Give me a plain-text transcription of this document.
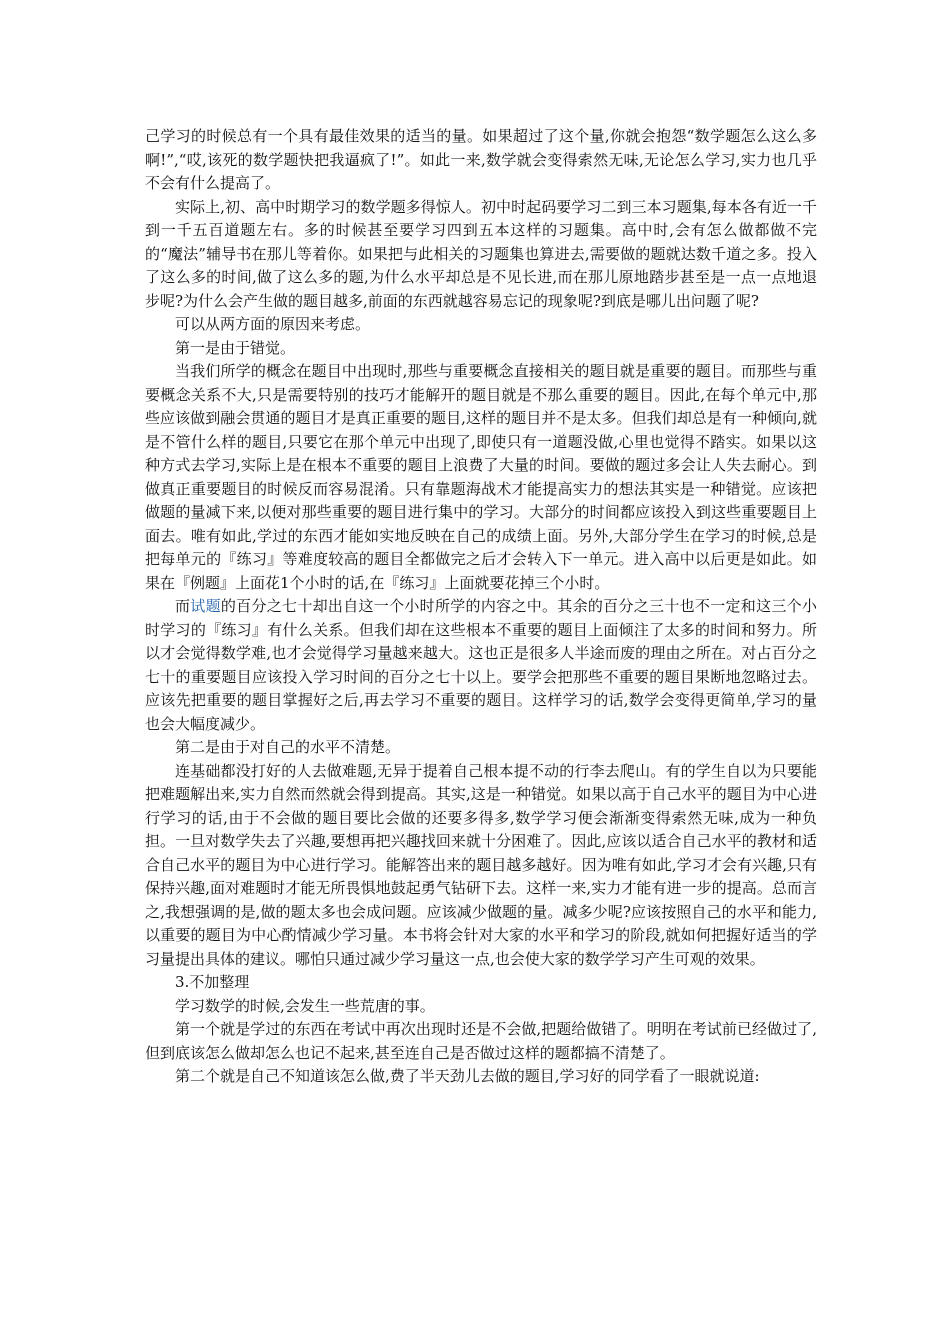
己学习的时候总有一个具有最佳效果的适当的量。如果超过了这个量,你就会抱怨“数学题怎么这么多啊!”,“哎,该死的数学题快把我逼疯了!”。如此一来,数学就会变得索然无味,无论怎么学习,实力也几乎不会有什么提高了。

实际上,初、高中时期学习的数学题多得惊人。初中时起码要学习二到三本习题集,每本各有近一千到一千五百道题左右。多的时候甚至要学习四到五本这样的习题集。高中时,会有怎么做都做不完的“魔法”辅导书在那儿等着你。如果把与此相关的习题集也算进去,需要做的题就达数千道之多。投入了这么多的时间,做了这么多的题,为什么水平却总是不见长进,而在那儿原地踏步甚至是一点一点地退步呢?为什么会产生做的题目越多,前面的东西就越容易忘记的现象呢?到底是哪儿出问题了呢?

可以从两方面的原因来考虑。

第一是由于错觉。

当我们所学的概念在题目中出现时,那些与重要概念直接相关的题目就是重要的题目。而那些与重要概念关系不大,只是需要特别的技巧才能解开的题目就是不那么重要的题目。因此,在每个单元中,那些应该做到融会贯通的题目才是真正重要的题目,这样的题目并不是太多。但我们却总是有一种倾向,就是不管什么样的题目,只要它在那个单元中出现了,即使只有一道题没做,心里也觉得不踏实。如果以这种方式去学习,实际上是在根本不重要的题目上浪费了大量的时间。要做的题过多会让人失去耐心。到做真正重要题目的时候反而容易混淆。只有靠题海战术才能提高实力的想法其实是一种错觉。应该把做题的量减下来,以便对那些重要的题目进行集中的学习。大部分的时间都应该投入到这些重要题目上面去。唯有如此,学过的东西才能如实地反映在自己的成绩上面。另外,大部分学生在学习的时候,总是把每单元的『练习』等难度较高的题目全都做完之后才会转入下一单元。进入高中以后更是如此。如果在『例题』上面花1个小时的话,在『练习』上面就要花掉三个小时。

而试题的百分之七十却出自这一个小时所学的内容之中。其余的百分之三十也不一定和这三个小时学习的『练习』有什么关系。但我们却在这些根本不重要的题目上面倾注了太多的时间和努力。所以才会觉得数学难,也才会觉得学习量越来越大。这也正是很多人半途而废的理由之所在。对占百分之七十的重要题目应该投入学习时间的百分之七十以上。要学会把那些不重要的题目果断地忽略过去。应该先把重要的题目掌握好之后,再去学习不重要的题目。这样学习的话,数学会变得更简单,学习的量也会大幅度减少。

第二是由于对自己的水平不清楚。

连基础都没打好的人去做难题,无异于提着自己根本提不动的行李去爬山。有的学生自以为只要能把难题解出来,实力自然而然就会得到提高。其实,这是一种错觉。如果以高于自己水平的题目为中心进行学习的话,由于不会做的题目要比会做的还要多得多,数学学习便会渐渐变得索然无味,成为一种负担。一旦对数学失去了兴趣,要想再把兴趣找回来就十分困难了。因此,应该以适合自己水平的教材和适合自己水平的题目为中心进行学习。能解答出来的题目越多越好。因为唯有如此,学习才会有兴趣,只有保持兴趣,面对难题时才能无所畏惧地鼓起勇气钻研下去。这样一来,实力才能有进一步的提高。总而言之,我想强调的是,做的题太多也会成问题。应该减少做题的量。减多少呢?应该按照自己的水平和能力,以重要的题目为中心酌情减少学习量。本书将会针对大家的水平和学习的阶段,就如何把握好适当的学习量提出具体的建议。哪怕只通过减少学习量这一点,也会使大家的数学学习产生可观的效果。

3.不加整理

学习数学的时候,会发生一些荒唐的事。

第一个就是学过的东西在考试中再次出现时还是不会做,把题给做错了。明明在考试前已经做过了,但到底该怎么做却怎么也记不起来,甚至连自己是否做过这样的题都搞不清楚了。

第二个就是自己不知道该怎么做,费了半天劲儿去做的题目,学习好的同学看了一眼就说道:
